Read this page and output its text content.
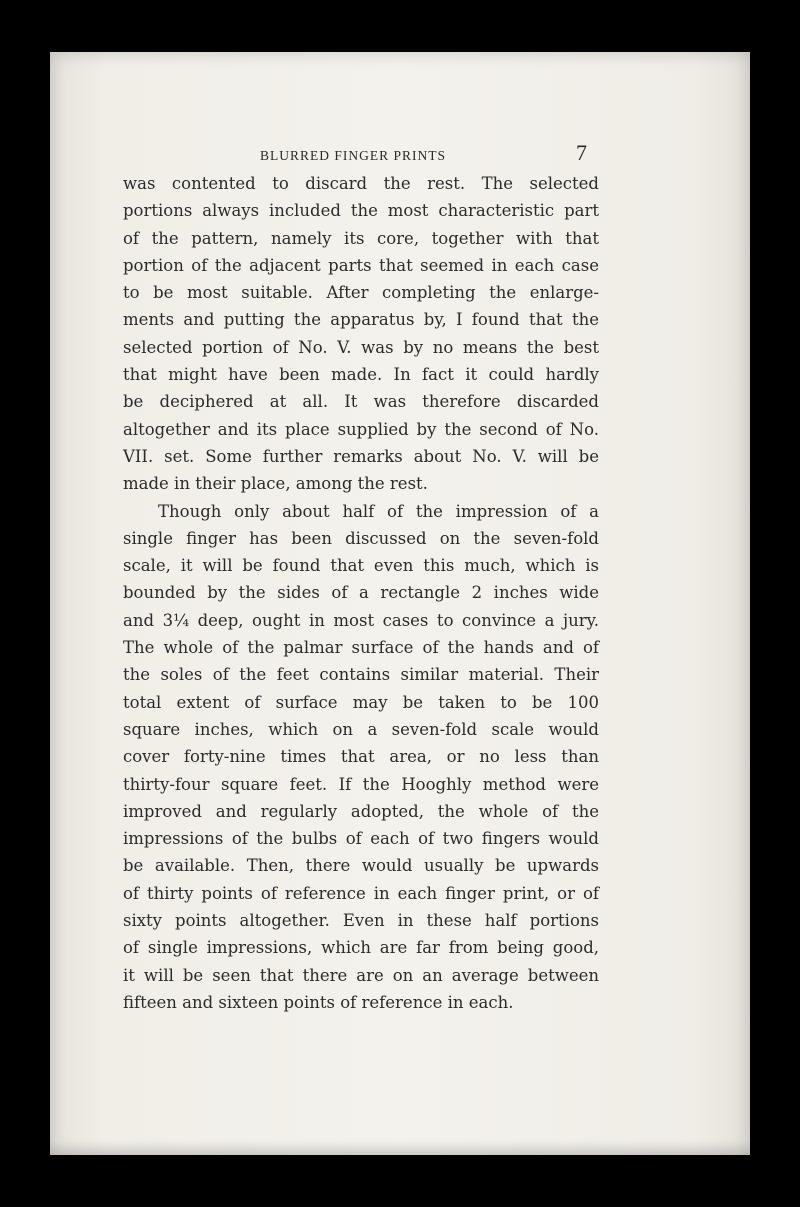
BLURRED FINGER PRINTS	7
was contented to discard the rest. The selected
portions always included the most characteristic part
of the pattern, namely its core, together with that
portion of the adjacent parts that seemed in each case
to be most suitable. After completing the enlarge-
ments and putting the apparatus by, I found that the
selected portion of No. V. was by no means the best
that might have been made. In fact it could hardly
be deciphered at all. It was therefore discarded
altogether and its place supplied by the second of No.
VII. set. Some further remarks about No. V. will be
made in their place, among the rest.
Though only about half of the impression of a
single finger has been discussed on the seven-fold
scale, it will be found that even this much, which is
bounded by the sides of a rectangle 2 inches wide
and 3¼ deep, ought in most cases to convince a jury.
The whole of the palmar surface of the hands and of
the soles of the feet contains similar material. Their
total extent of surface may be taken to be 100
square inches, which on a seven-fold scale would
cover forty-nine times that area, or no less than
thirty-four square feet. If the Hooghly method were
improved and regularly adopted, the whole of the
impressions of the bulbs of each of two fingers would
be available. Then, there would usually be upwards
of thirty points of reference in each finger print, or of
sixty points altogether. Even in these half portions
of single impressions, which are far from being good,
it will be seen that there are on an average between
fifteen and sixteen points of reference in each.
